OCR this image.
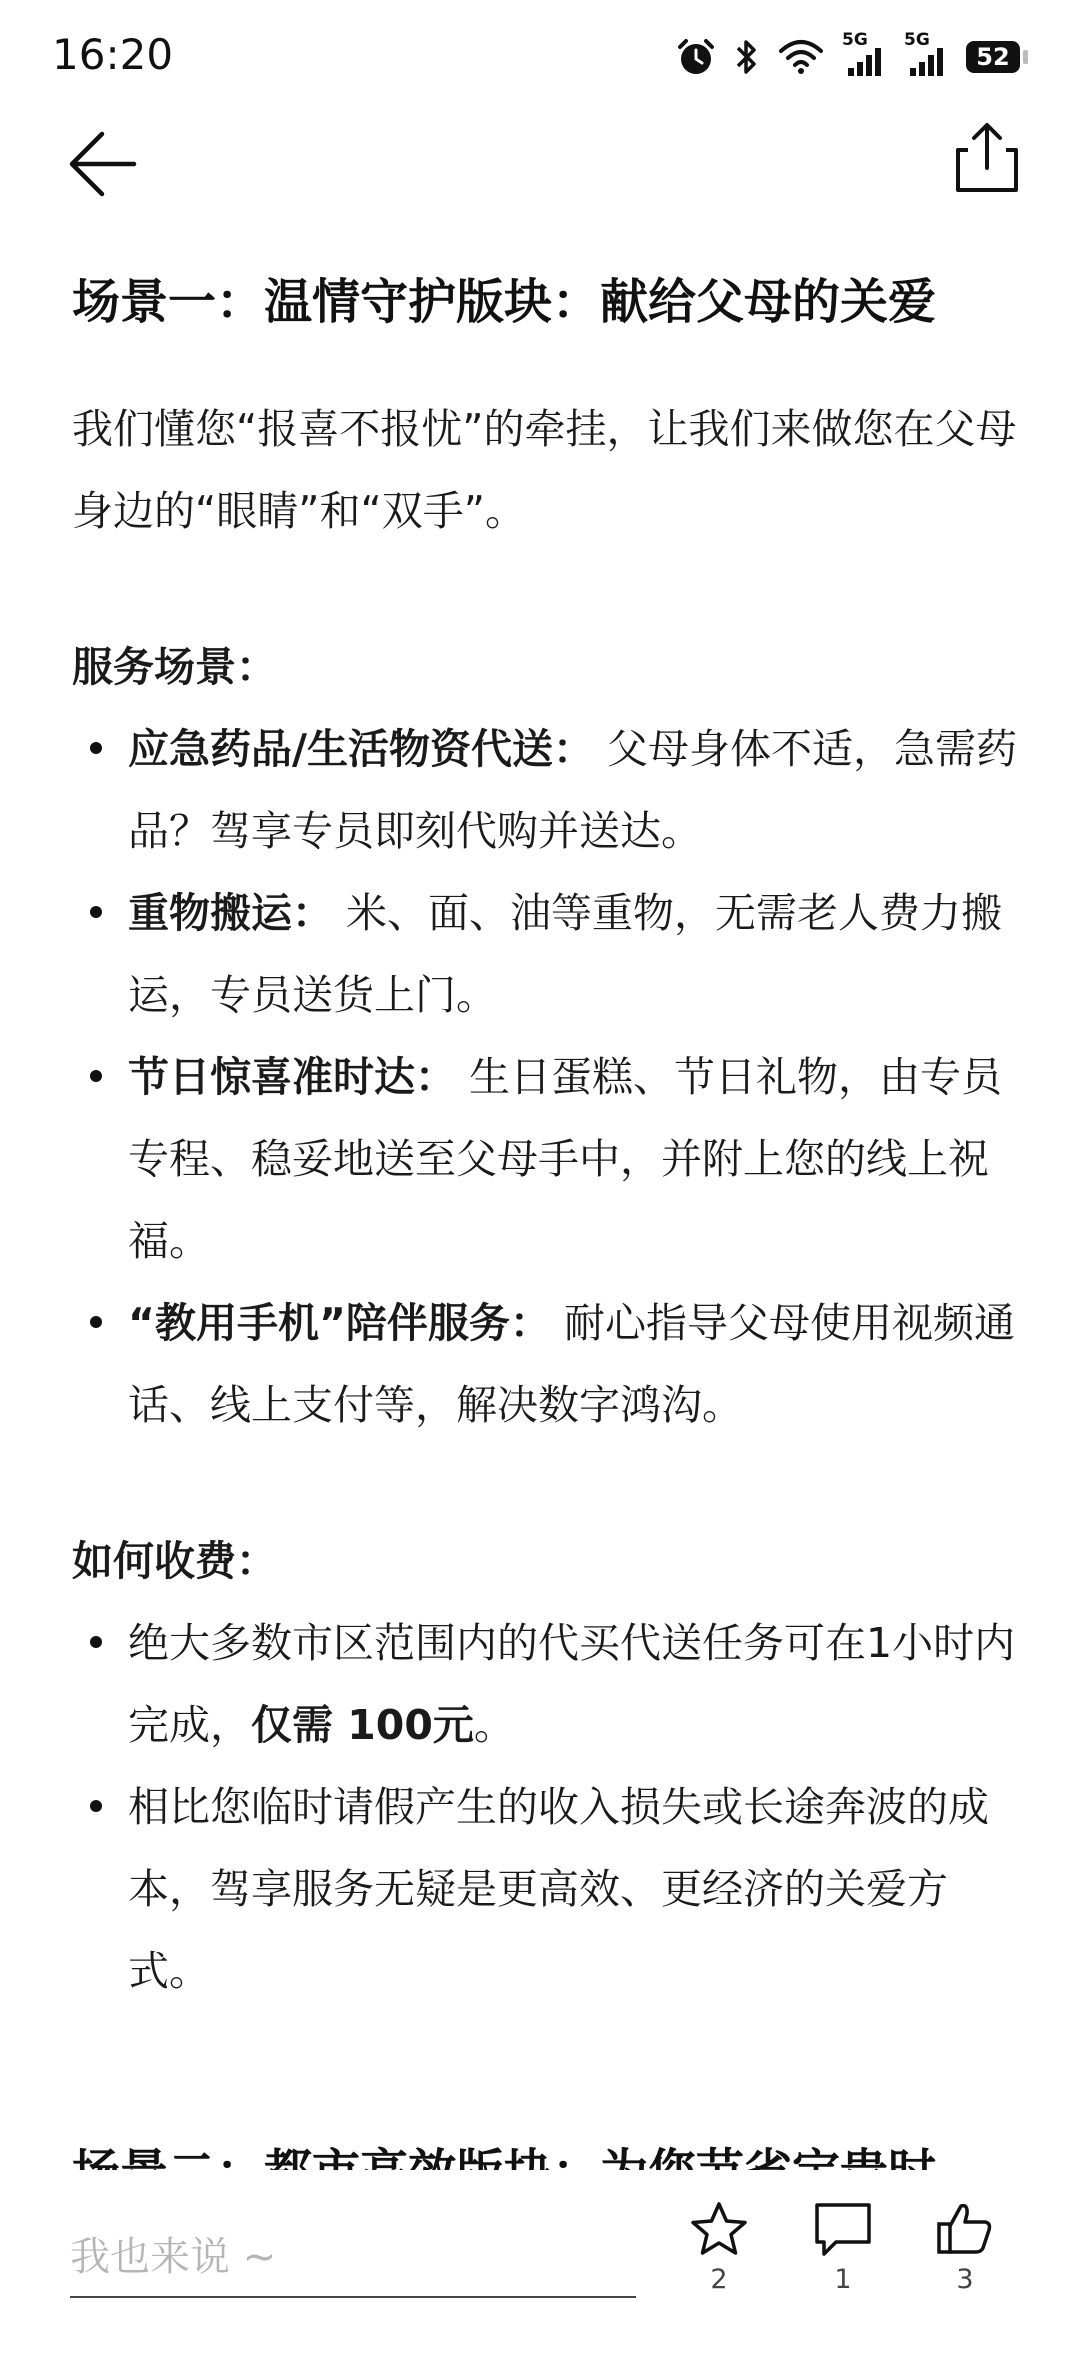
16:20	5G 5G
52
场景一：温情守护版块：献给父母的关爱

我们懂您“报喜不报忧”的牵挂，让我们来做您在父母身边的“眼睛”和“双手”。

服务场景：
应急药品/生活物资代送： 父母身体不适，急需药品？驾享专员即刻代购并送达。
重物搬运： 米、面、油等重物，无需老人费力搬运，专员送货上门。
节日惊喜准时达： 生日蛋糕、节日礼物，由专员专程、稳妥地送至父母手中，并附上您的线上祝福。
“教用手机”陪伴服务： 耐心指导父母使用视频通话、线上支付等，解决数字鸿沟。
如何收费：
绝大多数市区范围内的代买代送任务可在1小时内完成，仅需 100元。
相比您临时请假产生的收入损失或长途奔波的成本，驾享服务无疑是更高效、更经济的关爱方式。
我也来说 ~
2	1	3
